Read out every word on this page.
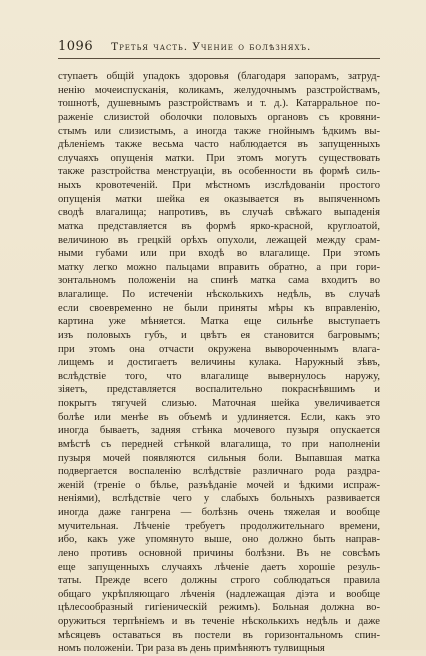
1096 Третья часть. Учение о болѣзняхъ.
ступаетъ общій упадокъ здоровья (благодаря запорамъ, затруд-
ненію мочеиспусканія, коликамъ, желудочнымъ разстройствамъ,
тошнотѣ, душевнымъ разстройствамъ и т. д.). Катарральное по-
раженіе слизистой оболочки половыхъ органовъ съ кровяни-
стымъ или слизистымъ, а иногда также гнойнымъ ѣдкимъ вы-
дѣленіемъ также весьма часто наблюдается въ запущенныхъ
случаяхъ опущенія матки. При этомъ могутъ существовать
также разстройства менструаціи, въ особенности въ формѣ силь-
ныхъ кровотеченій. При мѣстномъ изслѣдованіи простого
опущенія матки шейка ея оказывается въ выпяченномъ
сводѣ влагалища; напротивъ, въ случаѣ свѣжаго выпаденія
матка представляется въ формѣ ярко-красной, круглоатой,
величиною въ грецкій орѣхъ опухоли, лежащей между срам-
ными губами или при входѣ во влагалище. При этомъ
матку легко можно пальцами вправить обратно, а при гори-
зонтальномъ положеніи на спинѣ матка сама входитъ во
влагалище. По истеченіи нѣсколькихъ недѣль, въ случаѣ
если своевременно не были приняты мѣры къ вправленію,
картина уже мѣняется. Матка еще сильнѣе выступаетъ
изъ половыхъ губъ, и цвѣтъ ея становится багровымъ;
при этомъ она отчасти окружена вывороченнымъ влага-
лищемъ и достигаетъ величины кулака. Наружный зѣвъ,
вслѣдствіе того, что влагалище вывернулось наружу,
зіяетъ, представляется воспалительно покраснѣвшимъ и
покрытъ тягучей слизью. Маточная шейка увеличивается
болѣе или менѣе въ объемѣ и удлиняется. Если, какъ это
иногда бываетъ, задняя стѣнка мочевого пузыря опускается
вмѣстѣ съ передней стѣнкой влагалища, то при наполненіи
пузыря мочей появляются сильныя боли. Выпавшая матка
подвергается воспаленію вслѣдствіе различнаго рода раздра-
женій (треніе о бѣлье, разъѣданіе мочей и ѣдкими испраж-
неніями), вслѣдствіе чего у слабыхъ больныхъ развивается
иногда даже гангрена — болѣзнь очень тяжелая и вообще
мучительная. Лѣченіе требуетъ продолжительнаго времени,
ибо, какъ уже упомянуто выше, оно должно быть направ-
лено противъ основной причины болѣзни. Въ не совсѣмъ
еще запущенныхъ случаяхъ лѣченіе даетъ хорошіе резуль-
таты. Прежде всего должны строго соблюдаться правила
общаго укрѣпляющаго лѣченія (надлежащая діэта и вообще
цѣлесообразный гигіеническій режимъ). Больная должна во-
оружиться терпѣніемъ и въ теченіе нѣсколькихъ недѣль и даже
мѣсяцевъ оставаться въ постели въ горизонтальномъ спин-
номъ положеніи. Три раза въ день примѣняютъ тулвищныя
